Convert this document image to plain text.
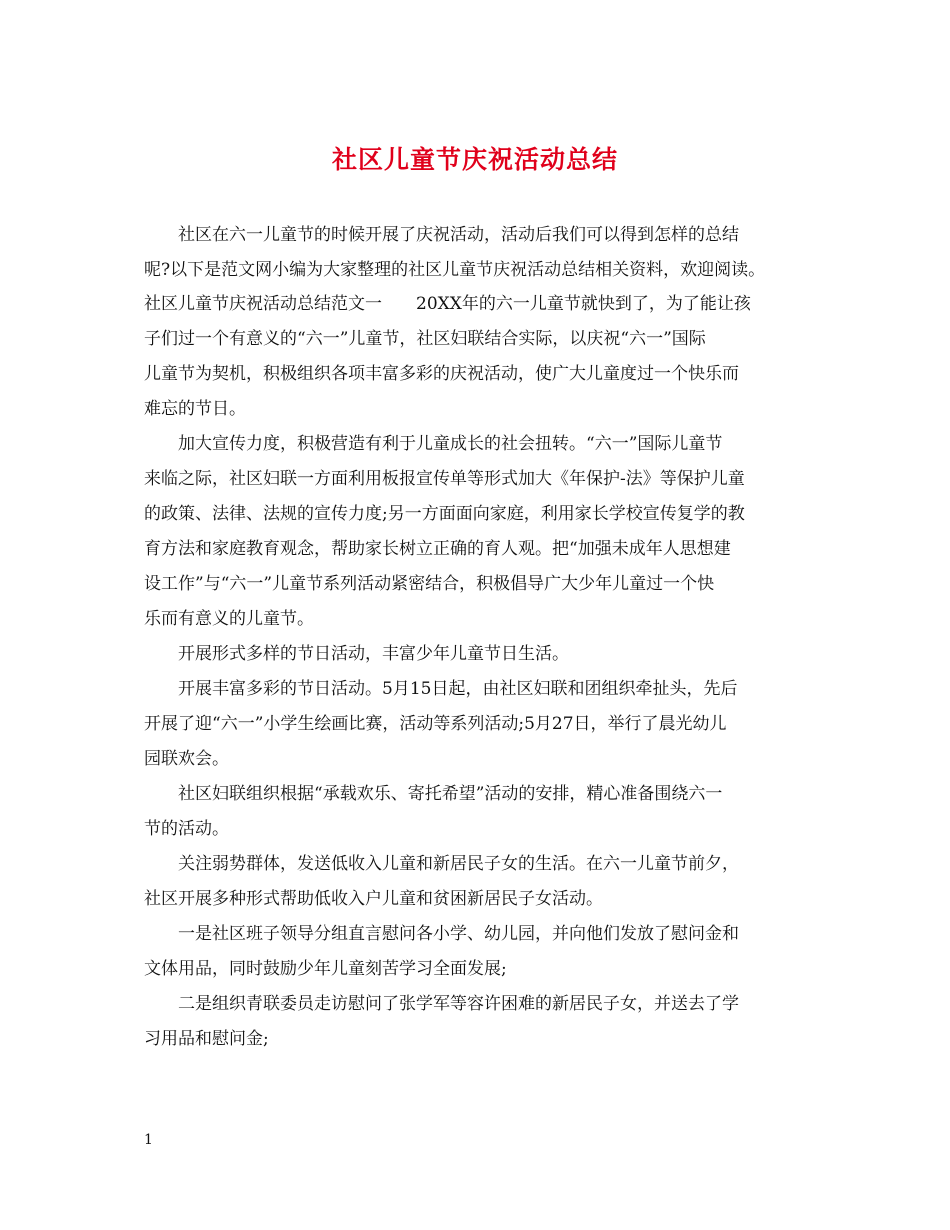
社区儿童节庆祝活动总结
社区在六一儿童节的时候开展了庆祝活动，活动后我们可以得到怎样的总结
呢?以下是范文网小编为大家整理的社区儿童节庆祝活动总结相关资料，欢迎阅读。
社区儿童节庆祝活动总结范文一　　20XX年的六一儿童节就快到了，为了能让孩
子们过一个有意义的“六一”儿童节，社区妇联结合实际，以庆祝“六一”国际
儿童节为契机，积极组织各项丰富多彩的庆祝活动，使广大儿童度过一个快乐而
难忘的节日。
加大宣传力度，积极营造有利于儿童成长的社会扭转。“六一”国际儿童节
来临之际，社区妇联一方面利用板报宣传单等形式加大《年保护-法》等保护儿童
的政策、法律、法规的宣传力度;另一方面面向家庭，利用家长学校宣传复学的教
育方法和家庭教育观念，帮助家长树立正确的育人观。把“加强未成年人思想建
设工作”与“六一”儿童节系列活动紧密结合，积极倡导广大少年儿童过一个快
乐而有意义的儿童节。
开展形式多样的节日活动，丰富少年儿童节日生活。
开展丰富多彩的节日活动。5月15日起，由社区妇联和团组织牵扯头，先后
开展了迎“六一”小学生绘画比赛，活动等系列活动;5月27日，举行了晨光幼儿
园联欢会。
社区妇联组织根据“承载欢乐、寄托希望”活动的安排，精心准备围绕六一
节的活动。
关注弱势群体，发送低收入儿童和新居民子女的生活。在六一儿童节前夕，
社区开展多种形式帮助低收入户儿童和贫困新居民子女活动。
一是社区班子领导分组直言慰问各小学、幼儿园，并向他们发放了慰问金和
文体用品，同时鼓励少年儿童刻苦学习全面发展;
二是组织青联委员走访慰问了张学军等容许困难的新居民子女，并送去了学
习用品和慰问金;
1
